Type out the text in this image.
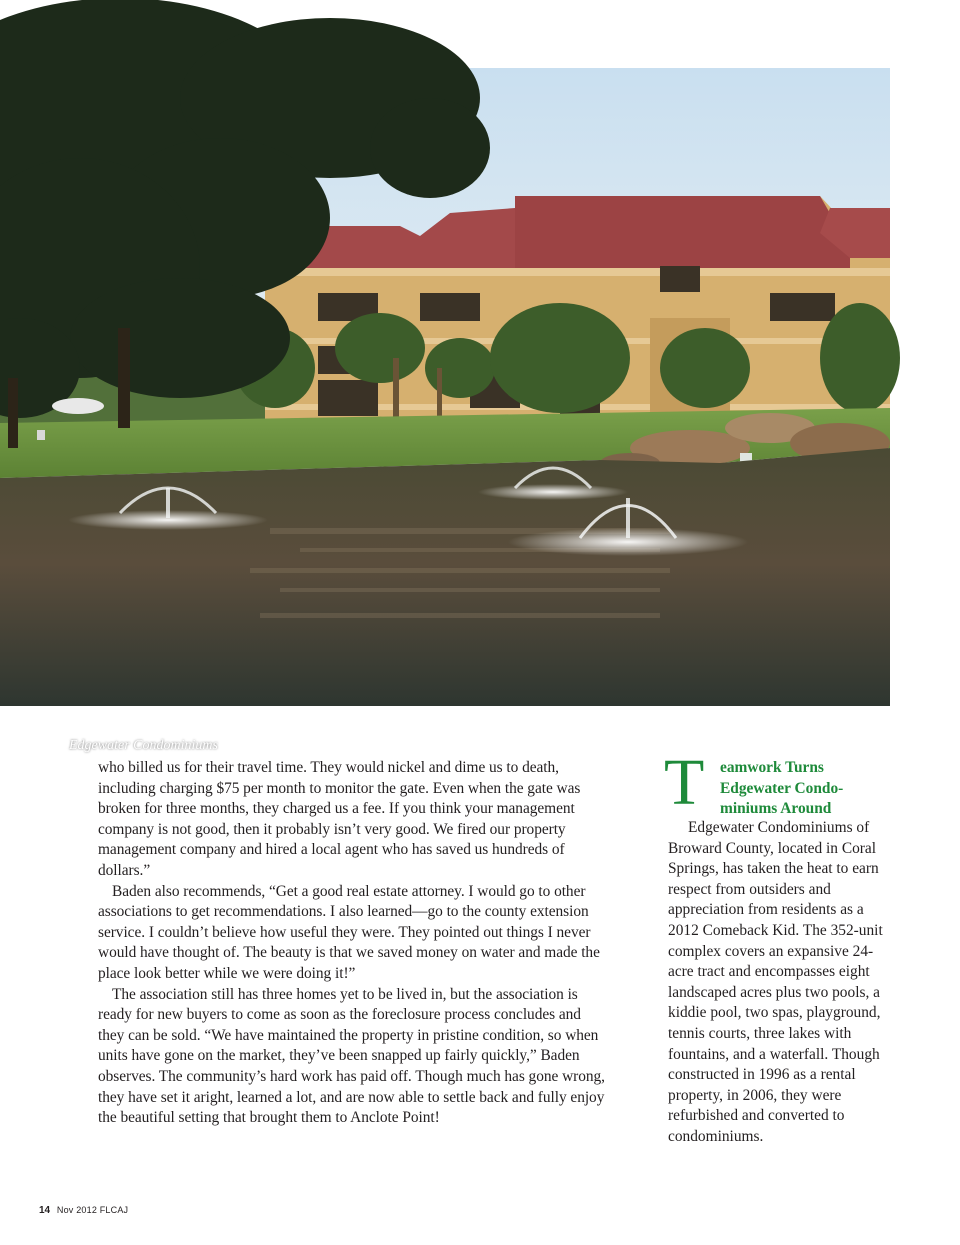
Edgewater Condominiums

who billed us for their travel time. They would nickel and dime us to death, including charging $75 per month to monitor the gate. Even when the gate was broken for three months, they charged us a fee. If you think your management company is not good, then it probably isn’t very good. We fired our property management company and hired a local agent who has saved us hundreds of dollars.”

Baden also recommends, “Get a good real estate attorney. I would go to other associations to get recommendations. I also learned—go to the county extension service. I couldn’t believe how useful they were. They pointed out things I never would have thought of. The beauty is that we saved money on water and made the place look better while we were doing it!”

The association still has three homes yet to be lived in, but the association is ready for new buyers to come as soon as the foreclosure process concludes and they can be sold. “We have maintained the property in pristine condition, so when units have gone on the market, they’ve been snapped up fairly quickly,” Baden observes. The community’s hard work has paid off. Though much has gone wrong, they have set it aright, learned a lot, and are now able to settle back and fully enjoy the beautiful setting that brought them to Anclote Point!

T eamwork Turns
Edgewater Condo-
miniums Around

Edgewater Condominiums of Broward County, located in Coral Springs, has taken the heat to earn respect from outsiders and appreciation from residents as a 2012 Comeback Kid. The 352-unit complex covers an expansive 24-acre tract and encompasses eight landscaped acres plus two pools, a kiddie pool, two spas, playground, tennis courts, three lakes with fountains, and a waterfall. Though constructed in 1996 as a rental property, in 2006, they were refurbished and converted to condominiums.

14 Nov 2012 FLCAJ
